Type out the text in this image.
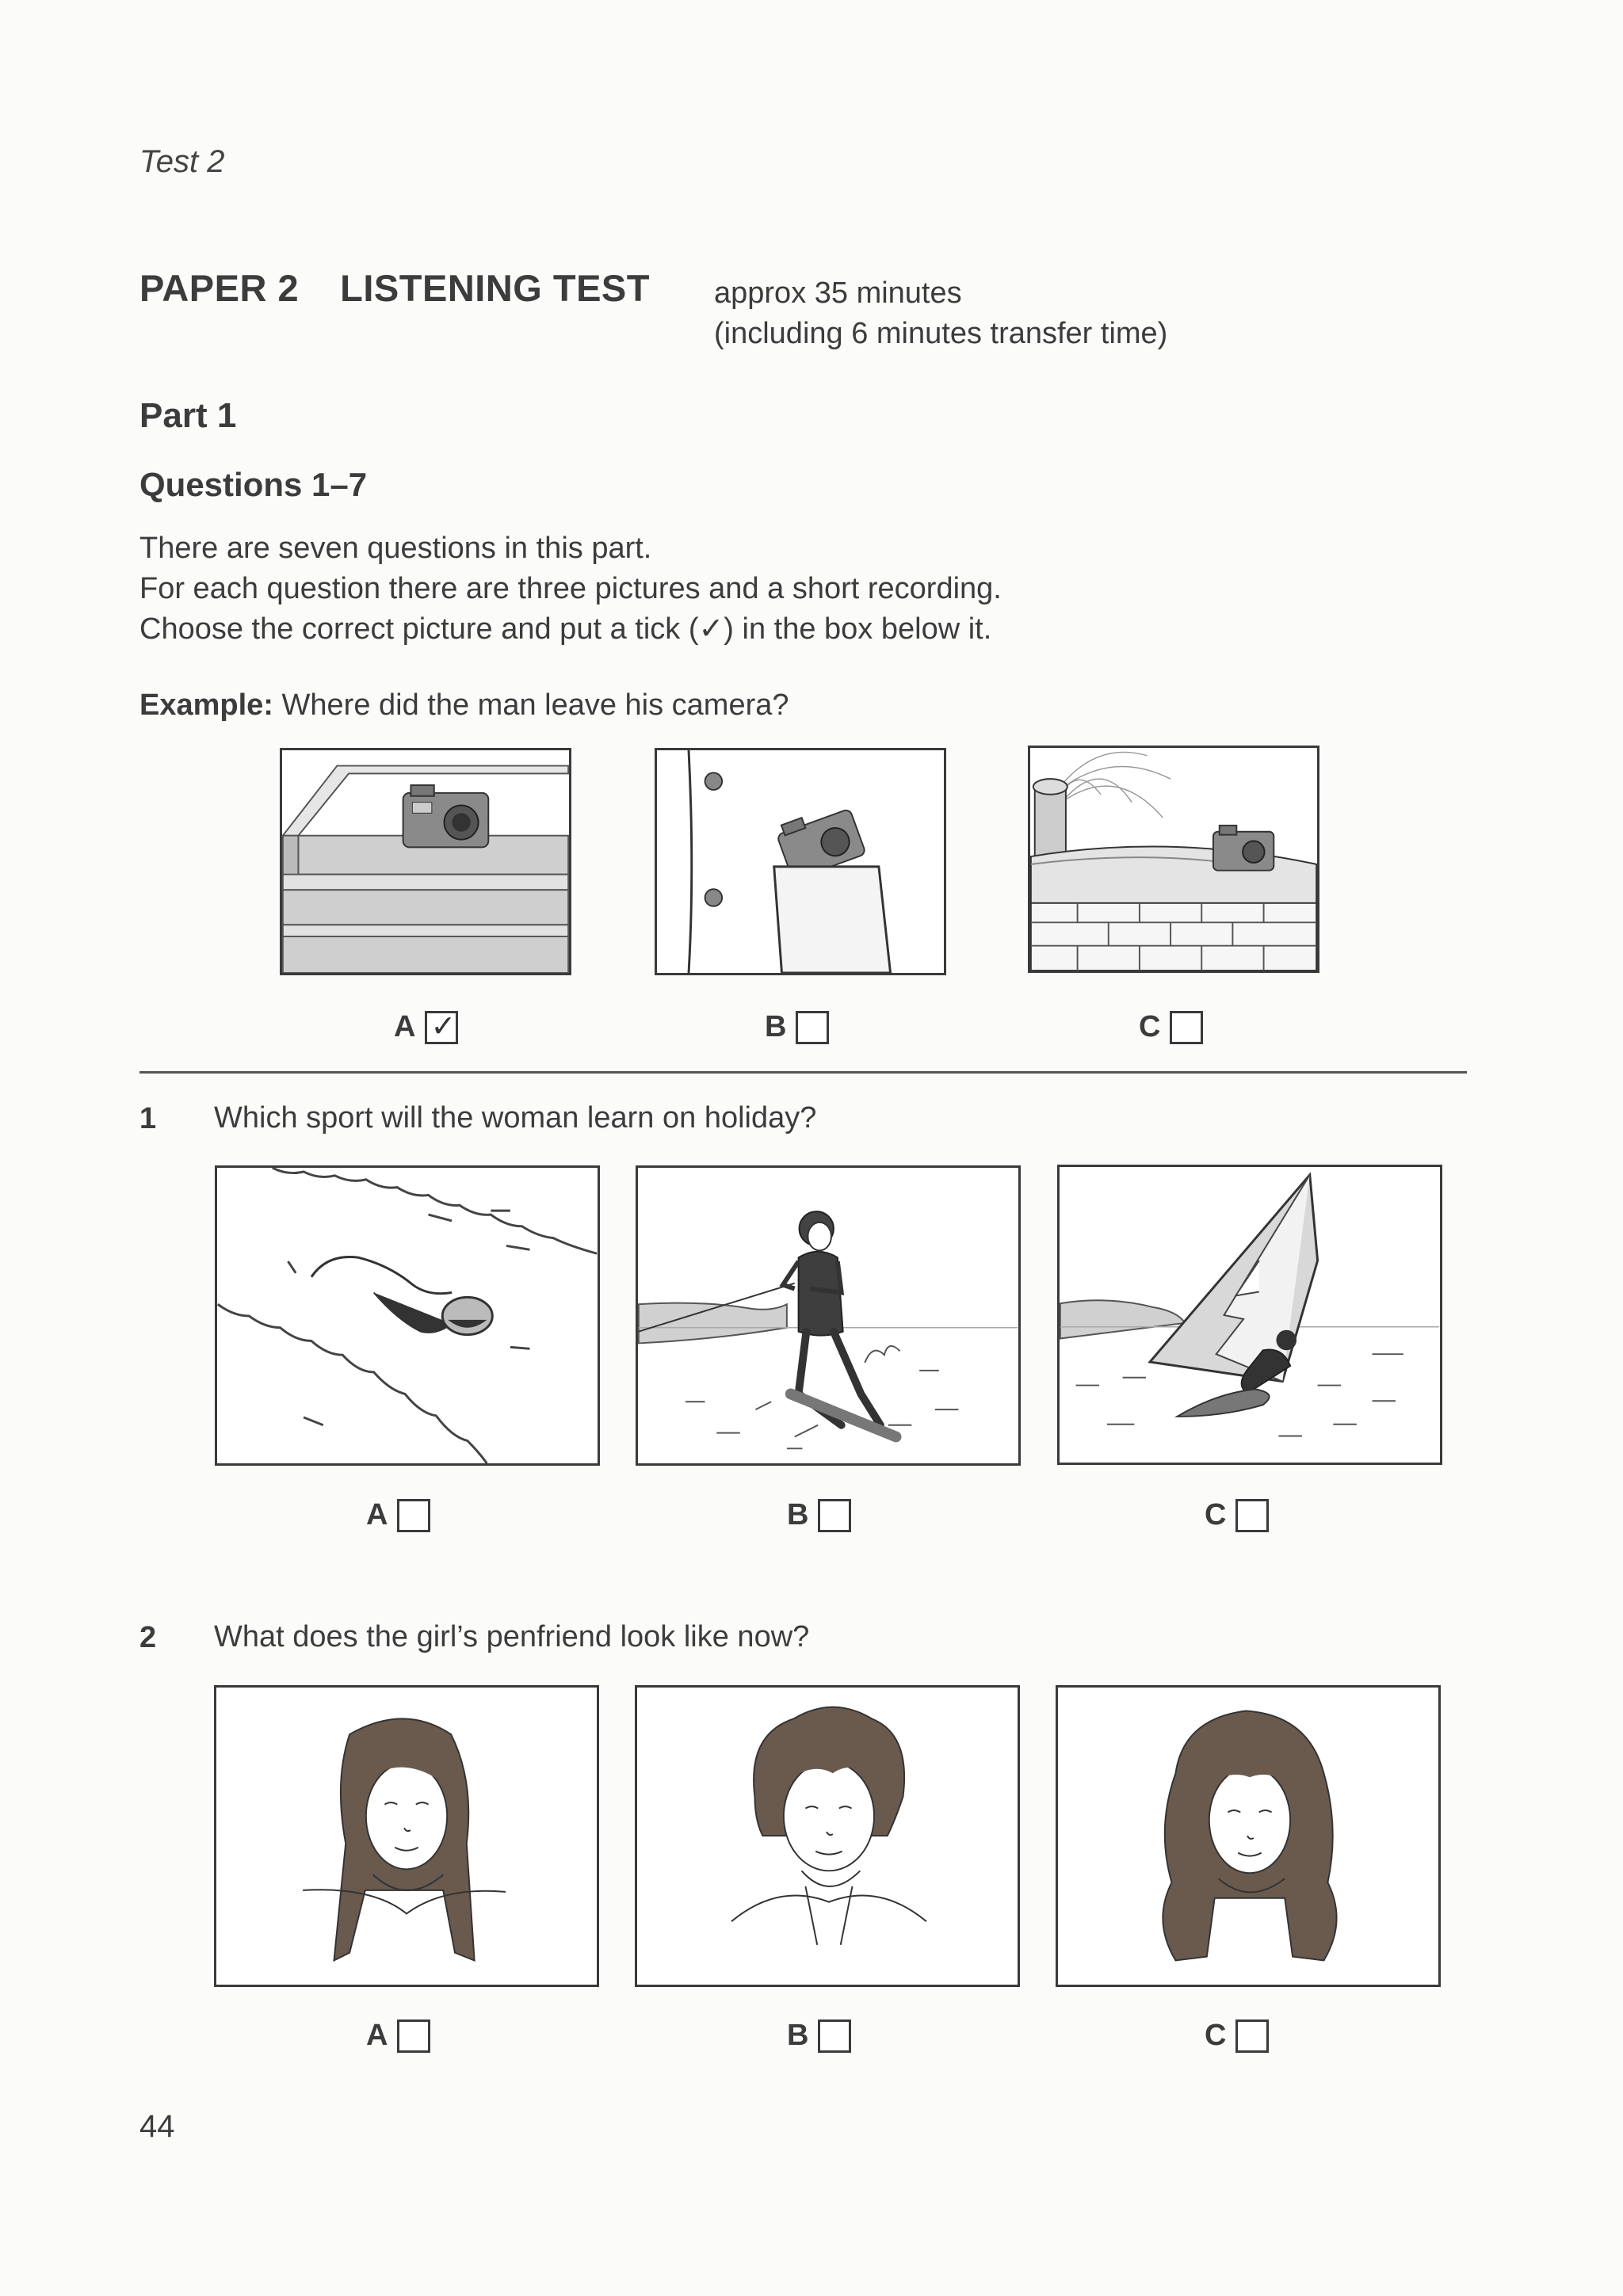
Test 2
PAPER 2 LISTENING TEST approx 35 minutes
(including 6 minutes transfer time)
Part 1
Questions 1–7
There are seven questions in this part.
For each question there are three pictures and a short recording.
Choose the correct picture and put a tick (✓) in the box below it.
Example: Where did the man leave his camera?
A ✓	B	C
1 Which sport will the woman learn on holiday?
A	B	C
2 What does the girl’s penfriend look like now?
A	B	C
44
